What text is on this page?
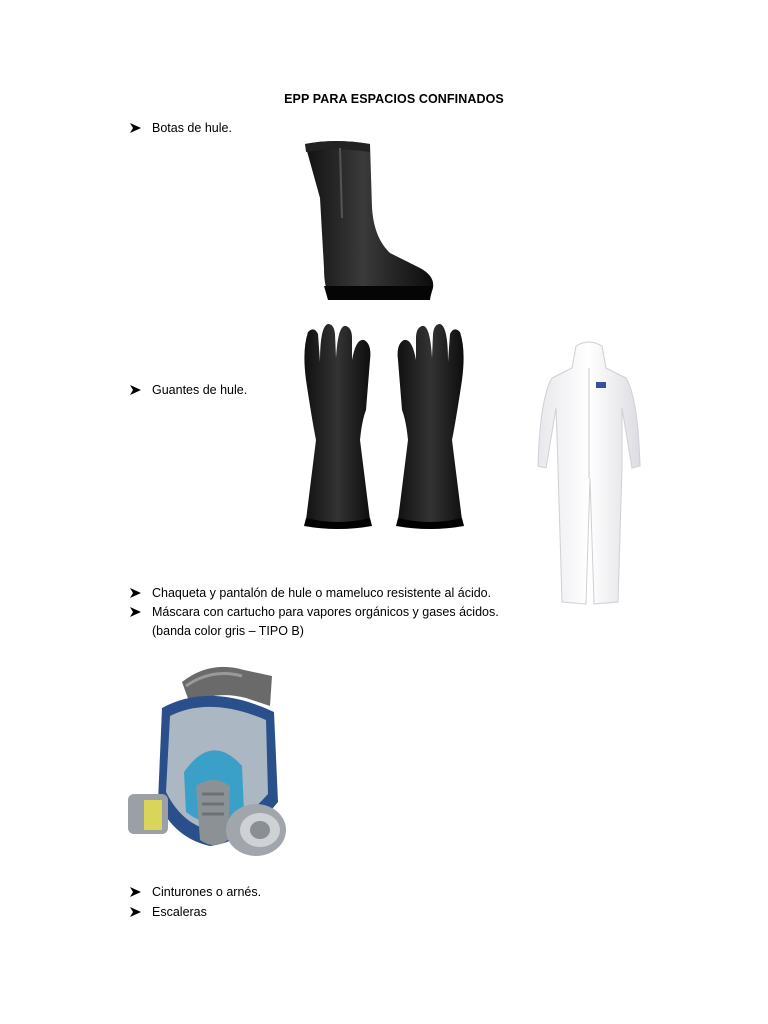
EPP PARA ESPACIOS CONFINADOS
Botas de hule.
Guantes de hule.
Chaqueta y pantalón de hule o mameluco resistente al ácido.
Máscara con cartucho para vapores orgánicos y gases ácidos.
(banda color gris – TIPO B)
Cinturones o arnés.
Escaleras
